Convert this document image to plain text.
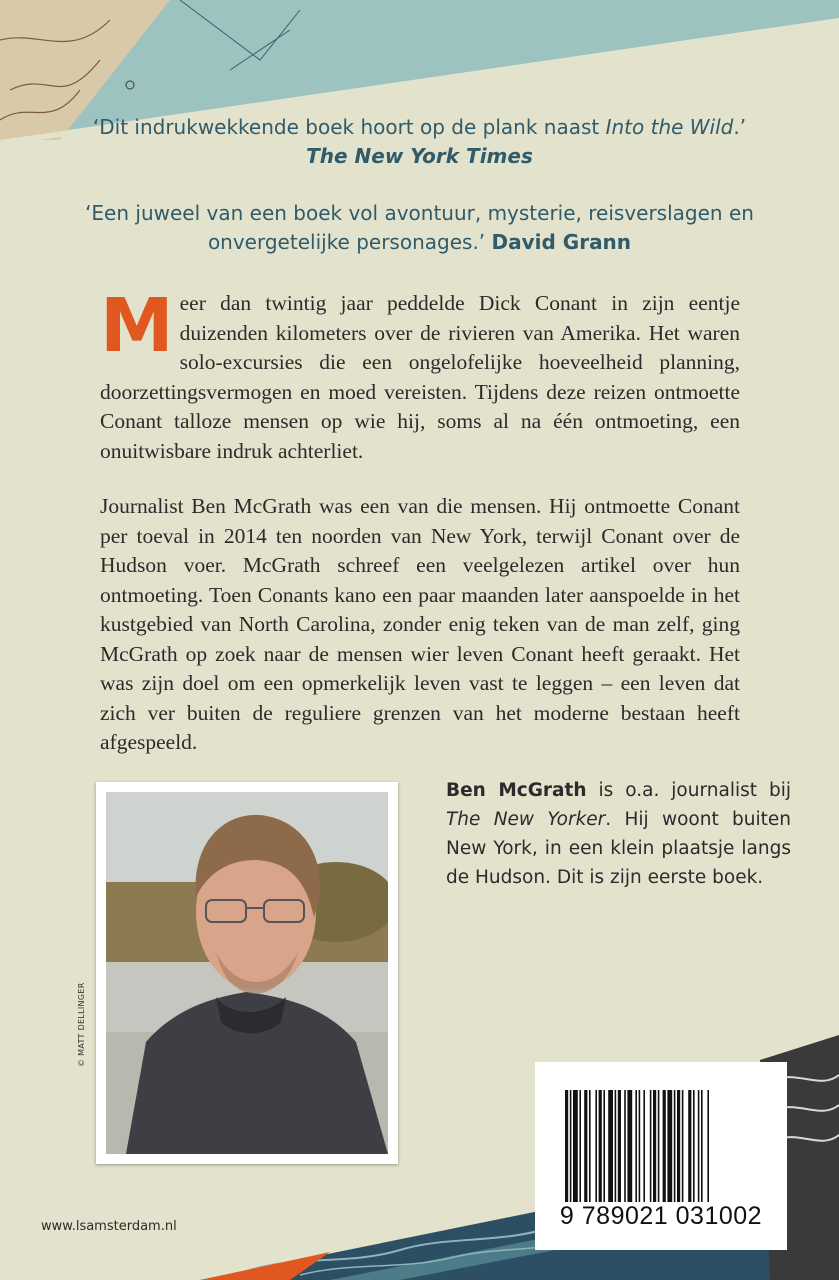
‘Dit indrukwekkende boek hoort op de plank naast Into the Wild.’
The New York Times
‘Een juweel van een boek vol avontuur, mysterie, reisverslagen en
onvergetelijke personages.’ David Grann

Meer dan twintig jaar peddelde Dick Conant in zijn eentje duizenden kilometers over de rivieren van Amerika. Het waren solo-excursies die een ongelofelijke hoeveelheid planning, doorzettingsvermogen en moed vereisten. Tijdens deze reizen ontmoette Conant talloze mensen op wie hij, soms al na één ontmoeting, een onuitwisbare indruk achterliet.

Journalist Ben McGrath was een van die mensen. Hij ontmoette Conant per toeval in 2014 ten noorden van New York, terwijl Conant over de Hudson voer. McGrath schreef een veelgelezen artikel over hun ontmoeting. Toen Conants kano een paar maanden later aanspoelde in het kustgebied van North Carolina, zonder enig teken van de man zelf, ging McGrath op zoek naar de mensen wier leven Conant heeft geraakt. Het was zijn doel om een opmerkelijk leven vast te leggen – een leven dat zich ver buiten de reguliere grenzen van het moderne bestaan heeft afgespeeld.

© MATT DELLINGER

Ben McGrath is o.a. journalist bij The New Yorker. Hij woont buiten New York, in een klein plaatsje langs de Hudson. Dit is zijn eerste boek.

9 789021 031002
www.lsamsterdam.nl
